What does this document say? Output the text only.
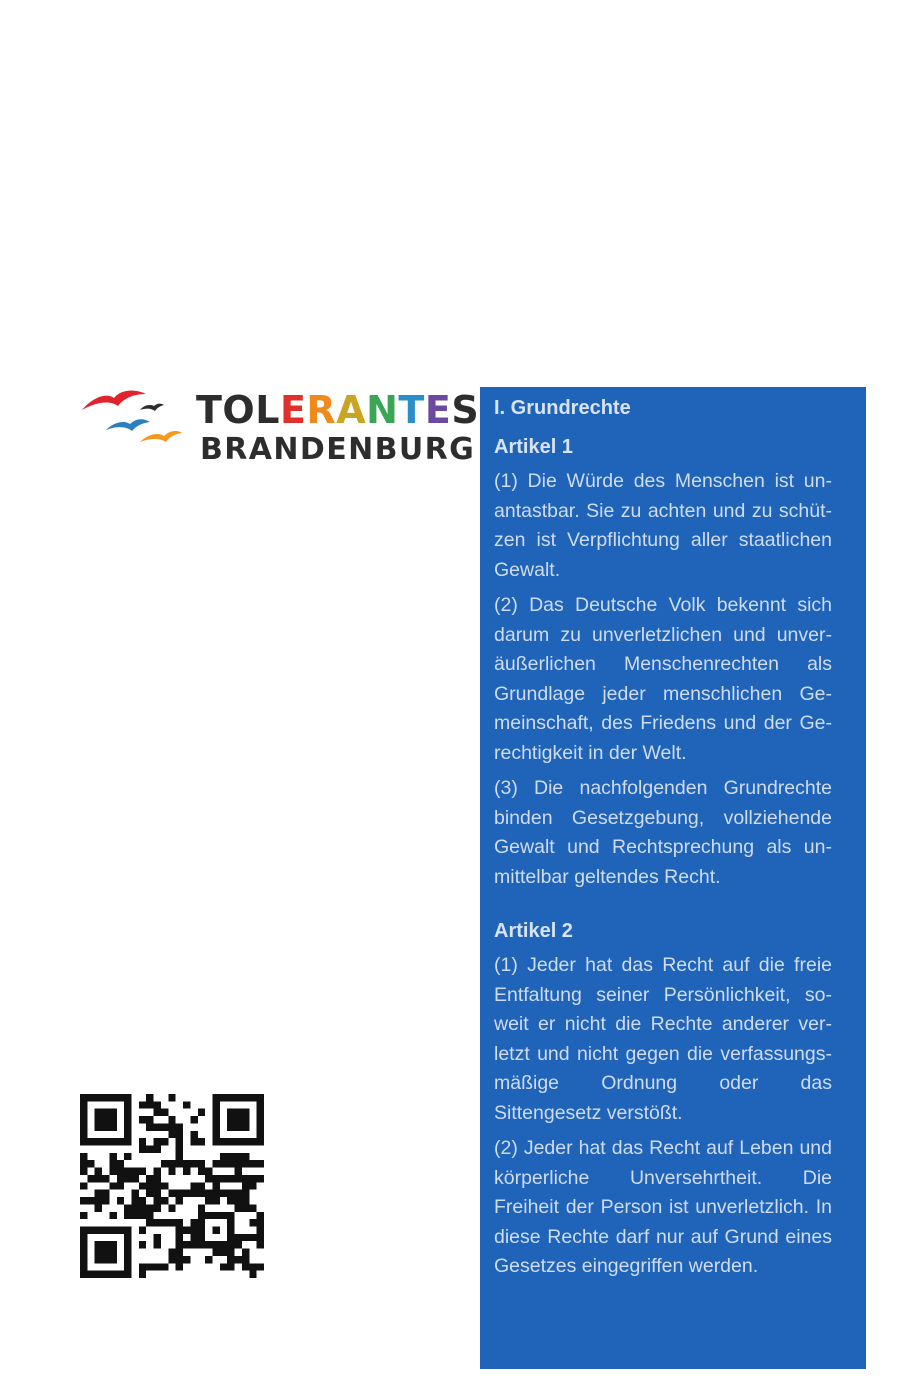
TOLERANTES
BRANDENBURG
I. Grundrechte
Artikel 1

(1) Die Würde des Menschen ist unantastbar. Sie zu achten und zu schützen ist Verpflichtung aller staatlichen Gewalt.

(2) Das Deutsche Volk bekennt sich darum zu unverletzlichen und unveräußerlichen Menschenrechten als Grundlage jeder menschlichen Gemeinschaft, des Friedens und der Gerechtigkeit in der Welt.

(3) Die nachfolgenden Grundrechte binden Gesetzgebung, vollziehende Gewalt und Rechtsprechung als unmittelbar geltendes Recht.

Artikel 2

(1) Jeder hat das Recht auf die freie Entfaltung seiner Persönlichkeit, soweit er nicht die Rechte anderer verletzt und nicht gegen die verfassungsmäßige Ordnung oder das Sittengesetz verstößt.

(2) Jeder hat das Recht auf Leben und körperliche Unversehrtheit. Die Freiheit der Person ist unverletzlich. In diese Rechte darf nur auf Grund eines Gesetzes eingegriffen werden.
